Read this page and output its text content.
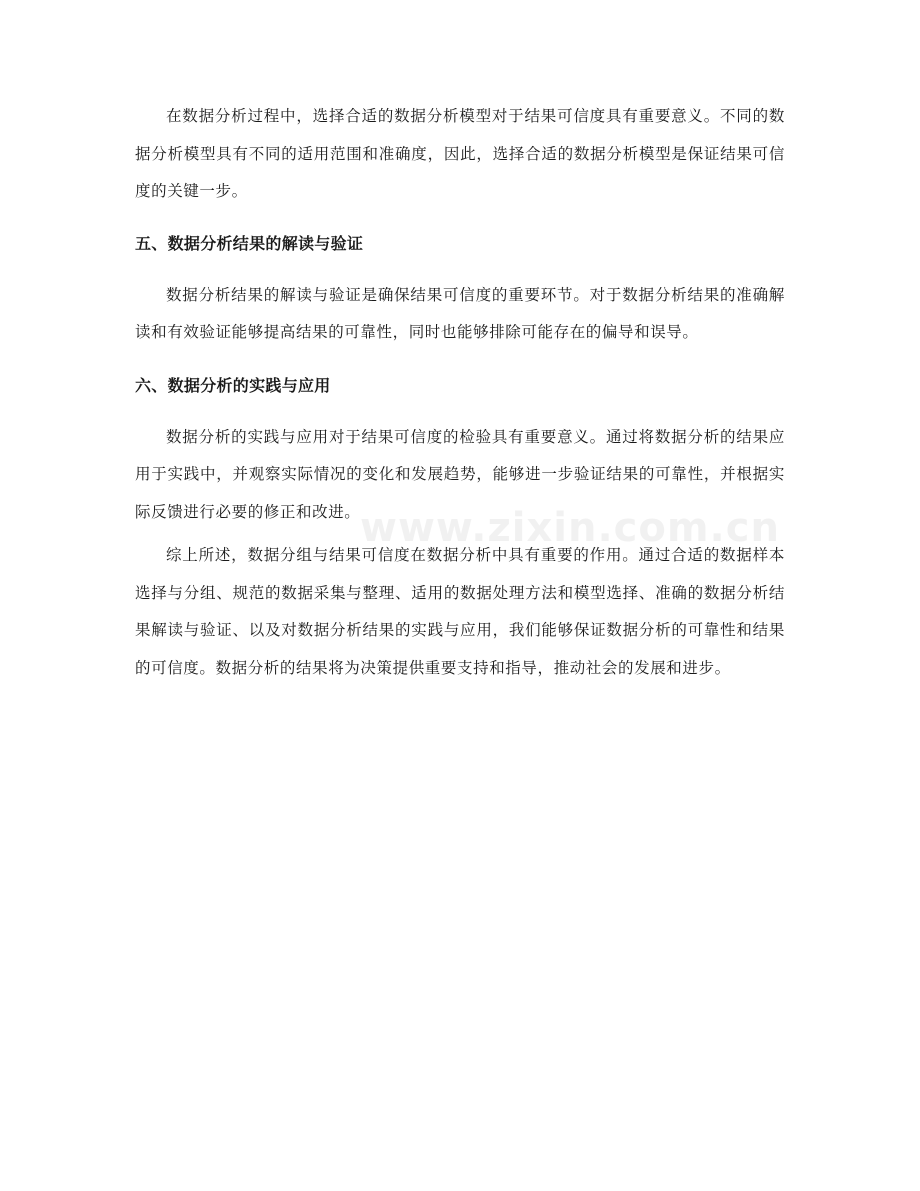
在数据分析过程中，选择合适的数据分析模型对于结果可信度具有重要意义。不同的数据分析模型具有不同的适用范围和准确度，因此，选择合适的数据分析模型是保证结果可信度的关键一步。

五、数据分析结果的解读与验证

数据分析结果的解读与验证是确保结果可信度的重要环节。对于数据分析结果的准确解读和有效验证能够提高结果的可靠性，同时也能够排除可能存在的偏导和误导。

六、数据分析的实践与应用

数据分析的实践与应用对于结果可信度的检验具有重要意义。通过将数据分析的结果应用于实践中，并观察实际情况的变化和发展趋势，能够进一步验证结果的可靠性，并根据实际反馈进行必要的修正和改进。

综上所述，数据分组与结果可信度在数据分析中具有重要的作用。通过合适的数据样本选择与分组、规范的数据采集与整理、适用的数据处理方法和模型选择、准确的数据分析结果解读与验证、以及对数据分析结果的实践与应用，我们能够保证数据分析的可靠性和结果的可信度。数据分析的结果将为决策提供重要支持和指导，推动社会的发展和进步。

www.zixin.com.cn
